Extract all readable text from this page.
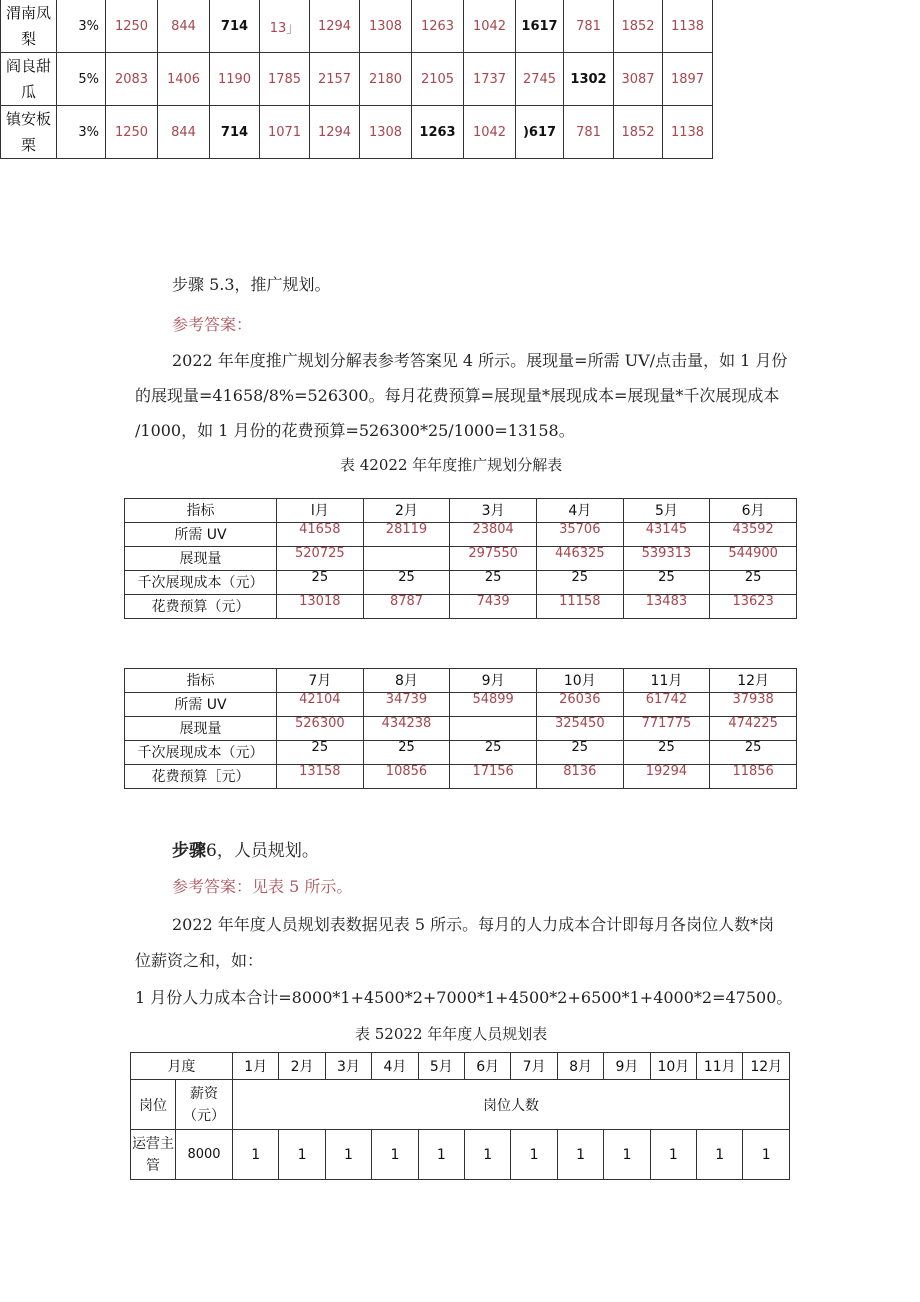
渭南凤梨	3%	1250	844	714	13」	1294	1308	1263	1042	1617	781	1852	1138
阎良甜瓜	5%	2083	1406	1190	1785	2157	2180	2105	1737	2745	1302	3087	1897
镇安板栗	3%	1250	844	714	1071	1294	1308	1263	1042	)617	781	1852	1138
步骤 5.3，推广规划。
参考答案：
2022 年年度推广规划分解表参考答案见 4 所示。展现量=所需 UV/点击量，如 1 月份
的展现量=41658/8%=526300。每月花费预算=展现量*展现成本=展现量*千次展现成本
/1000，如 1 月份的花费预算=526300*25/1000=13158。
表 42022 年年度推广规划分解表
指标	l月	2月	3月	4月	5月	6月
所需 UV	41658	28119	23804	35706	43145	43592
展现量	520725		297550	446325	539313	544900
千次展现成本（元）	25	25	25	25	25	25
花费预算（元）	13018	8787	7439	11158	13483	13623
指标	7月	8月	9月	10月	11月	12月
所需 UV	42104	34739	54899	26036	61742	37938
展现量	526300	434238		325450	771775	474225
千次展现成本（元）	25	25	25	25	25	25
花费预算［元）	13158	10856	17156	8136	19294	11856
步骤6，人员规划。
参考答案：见表 5 所示。
2022 年年度人员规划表数据见表 5 所示。每月的人力成本合计即每月各岗位人数*岗
位薪资之和，如：
1 月份人力成本合计=8000*1+4500*2+7000*1+4500*2+6500*1+4000*2=47500。
表 52022 年年度人员规划表
月度		1月	2月	3月	4月	5月	6月	7月	8月	9月	10月	11月	12月
岗位	薪资（元）	岗位人数											
运营主管	8000	1	1	1	1	1	1	1	1	1	1	1	1
